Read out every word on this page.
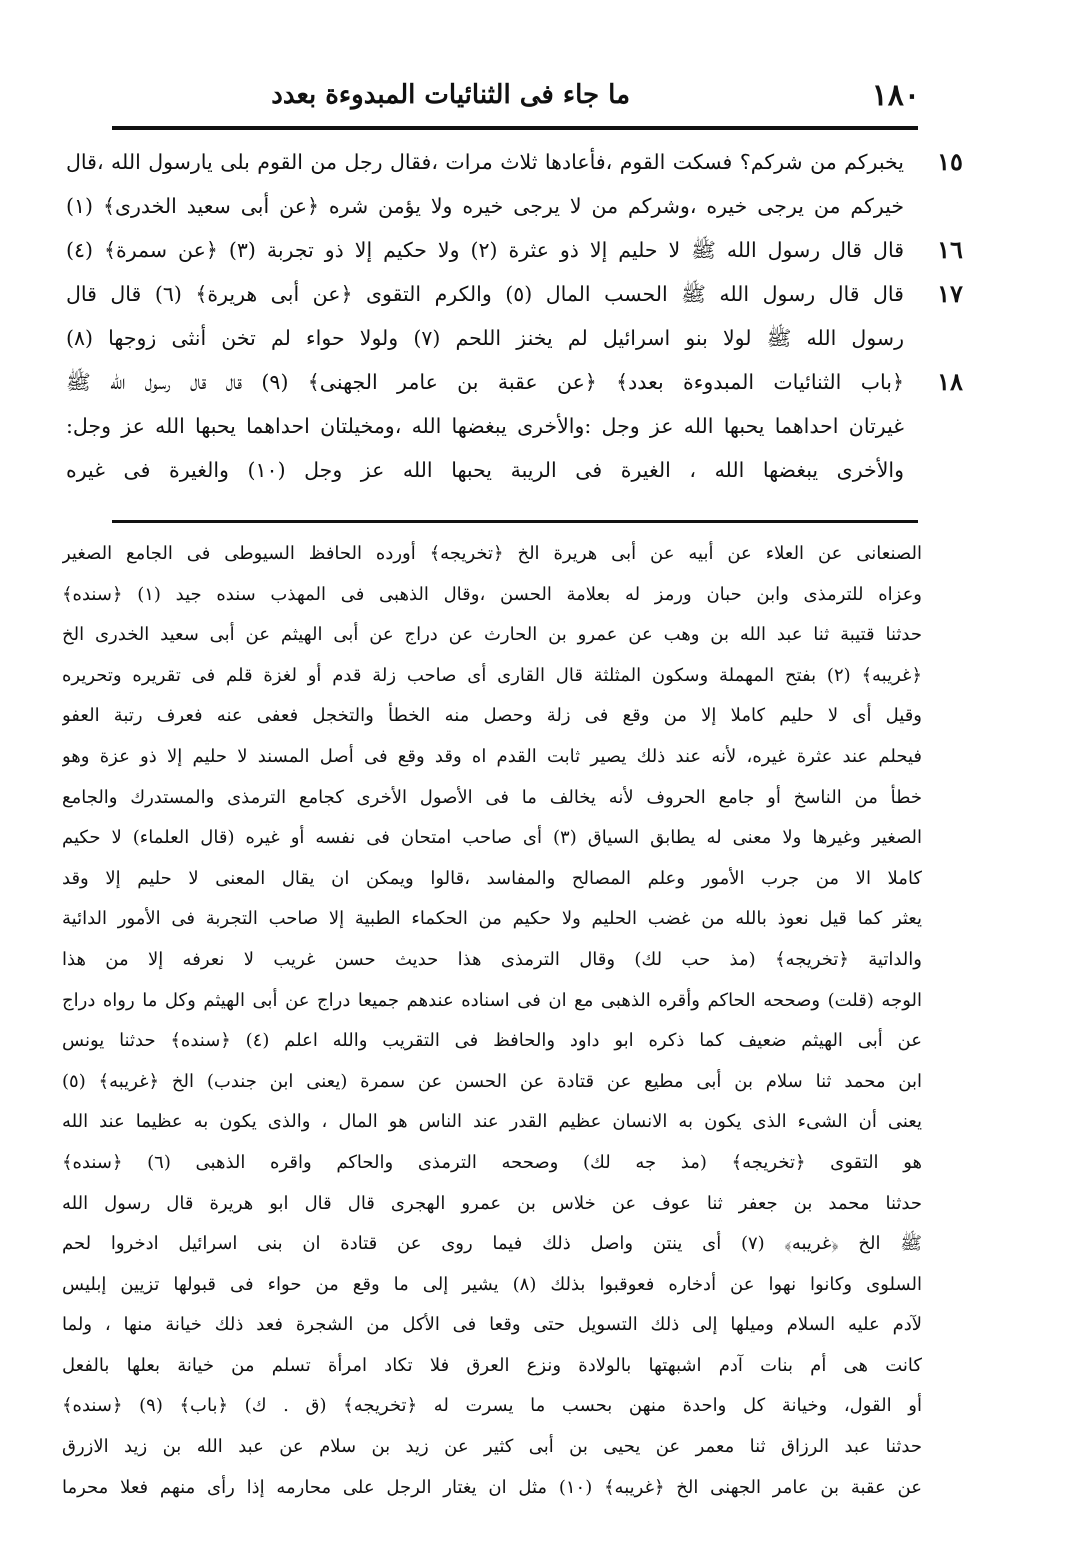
١٨٠
ما جاء فى الثنائيات المبدوءة بعدد
١٥
يخبركم من شركم؟ فسكت القوم ،فأعادها ثلاث مرات ،فقال رجل من القوم بلى يارسول الله ،قال
خيركم من يرجى خيره ،وشركم من لا يرجى خيره ولا يؤمن شره ﴿عن أبى سعيد الخدرى﴾ (١)
١٦
قال قال رسول الله ﷺ لا حليم إلا ذو عثرة (٢) ولا حكيم إلا ذو تجربة (٣) ﴿عن سمرة﴾ (٤)
١٧
قال قال رسول الله ﷺ الحسب المال (٥) والكرم التقوى ﴿عن أبى هريرة﴾ (٦) قال قال
رسول الله ﷺ لولا بنو اسرائيل لم يخنز اللحم (٧) ولولا حواء لم تخن أنثى زوجها (٨)
١٨
﴿باب الثنائيات المبدوءة بعدد﴾ ﴿عن عقبة بن عامر الجهنى﴾ (٩) قال قال رسول الله ﷺ
غيرتان احداهما يحبها الله عز وجل :والأخرى يبغضها الله ،ومخيلتان احداهما يحبها الله عز وجل:
والأخرى يبغضها الله ، الغيرة فى الريبة يحبها الله عز وجل (١٠) والغيرة فى غيره
الصنعانى عن العلاء عن أبيه عن أبى هريرة الخ ﴿تخريجه﴾ أورده الحافظ السيوطى فى الجامع الصغير
وعزاه للترمذى وابن حبان ورمز له بعلامة الحسن ،وقال الذهبى فى المهذب سنده جيد (١) ﴿سنده﴾
حدثنا قتيبة ثنا عبد الله بن وهب عن عمرو بن الحارث عن دراج عن أبى الهيثم عن أبى سعيد الخدرى الخ
﴿غريبه﴾ (٢) بفتح المهملة وسكون المثلثة قال القارى أى صاحب زلة قدم أو لغزة قلم فى تقريره وتحريره
وقيل أى لا حليم كاملا إلا من وقع فى زلة وحصل منه الخطأ والتخجل فعفى عنه فعرف رتبة العفو
فيحلم عند عثرة غيره، لأنه عند ذلك يصير ثابت القدم اه وقد وقع فى أصل المسند لا حليم إلا ذو عزة وهو
خطأ من الناسخ أو جامع الحروف لأنه يخالف ما فى الأصول الأخرى كجامع الترمذى والمستدرك والجامع
الصغير وغيرها ولا معنى له يطابق السياق (٣) أى صاحب امتحان فى نفسه أو غيره (قال العلماء) لا حكيم
كاملا الا من جرب الأمور وعلم المصالح والمفاسد ،قالوا ويمكن ان يقال المعنى لا حليم إلا وقد
يعثر كما قيل نعوذ بالله من غضب الحليم ولا حكيم من الحكماء الطبية إلا صاحب التجربة فى الأمور الدائية
والداتية ﴿تخريجه﴾ (مذ حب لك) وقال الترمذى هذا حديث حسن غريب لا نعرفه إلا من هذا
الوجه (قلت) وصححه الحاكم وأقره الذهبى مع ان فى اسناده عندهم جميعا دراج عن أبى الهيثم وكل ما رواه دراج
عن أبى الهيثم ضعيف كما ذكره ابو داود والحافظ فى التقريب والله اعلم (٤) ﴿سنده﴾ حدثنا يونس
ابن محمد ثنا سلام بن أبى مطيع عن قتادة عن الحسن عن سمرة (يعنى ابن جندب) الخ ﴿غريبه﴾ (٥)
يعنى أن الشىء الذى يكون به الانسان عظيم القدر عند الناس هو المال ، والذى يكون به عظيما عند الله
هو التقوى ﴿تخريجه﴾ (مذ جه لك) وصححه الترمذى والحاكم واقره الذهبى (٦) ﴿سنده﴾
حدثنا محمد بن جعفر ثنا عوف عن خلاس بن عمرو الهجرى قال قال ابو هريرة قال رسول الله
ﷺ الخ ﴿غريبه﴾ (٧) أى ينتن واصل ذلك فيما روى عن قتادة ان بنى اسرائيل ادخروا لحم
السلوى وكانوا نهوا عن أدخاره فعوقبوا بذلك (٨) يشير إلى ما وقع من حواء فى قبولها تزيين إبليس
لآدم عليه السلام وميلها إلى ذلك التسويل حتى وقعا فى الأكل من الشجرة فعد ذلك خيانة منها ، ولما
كانت هى أم بنات آدم اشبهتها بالولادة ونزع العرق فلا تكاد امرأة تسلم من خيانة بعلها بالفعل
أو القول، وخيانة كل واحدة منهن بحسب ما يسرت له ﴿تخريجه﴾ (ق . ك) ﴿باب﴾ (٩) ﴿سنده﴾
حدثنا عبد الرزاق ثنا معمر عن يحيى بن أبى كثير عن زيد بن سلام عن عبد الله بن زيد الازرق
عن عقبة بن عامر الجهنى الخ ﴿غريبه﴾ (١٠) مثل ان يغتار الرجل على محارمه إذا رأى منهم فعلا محرما
